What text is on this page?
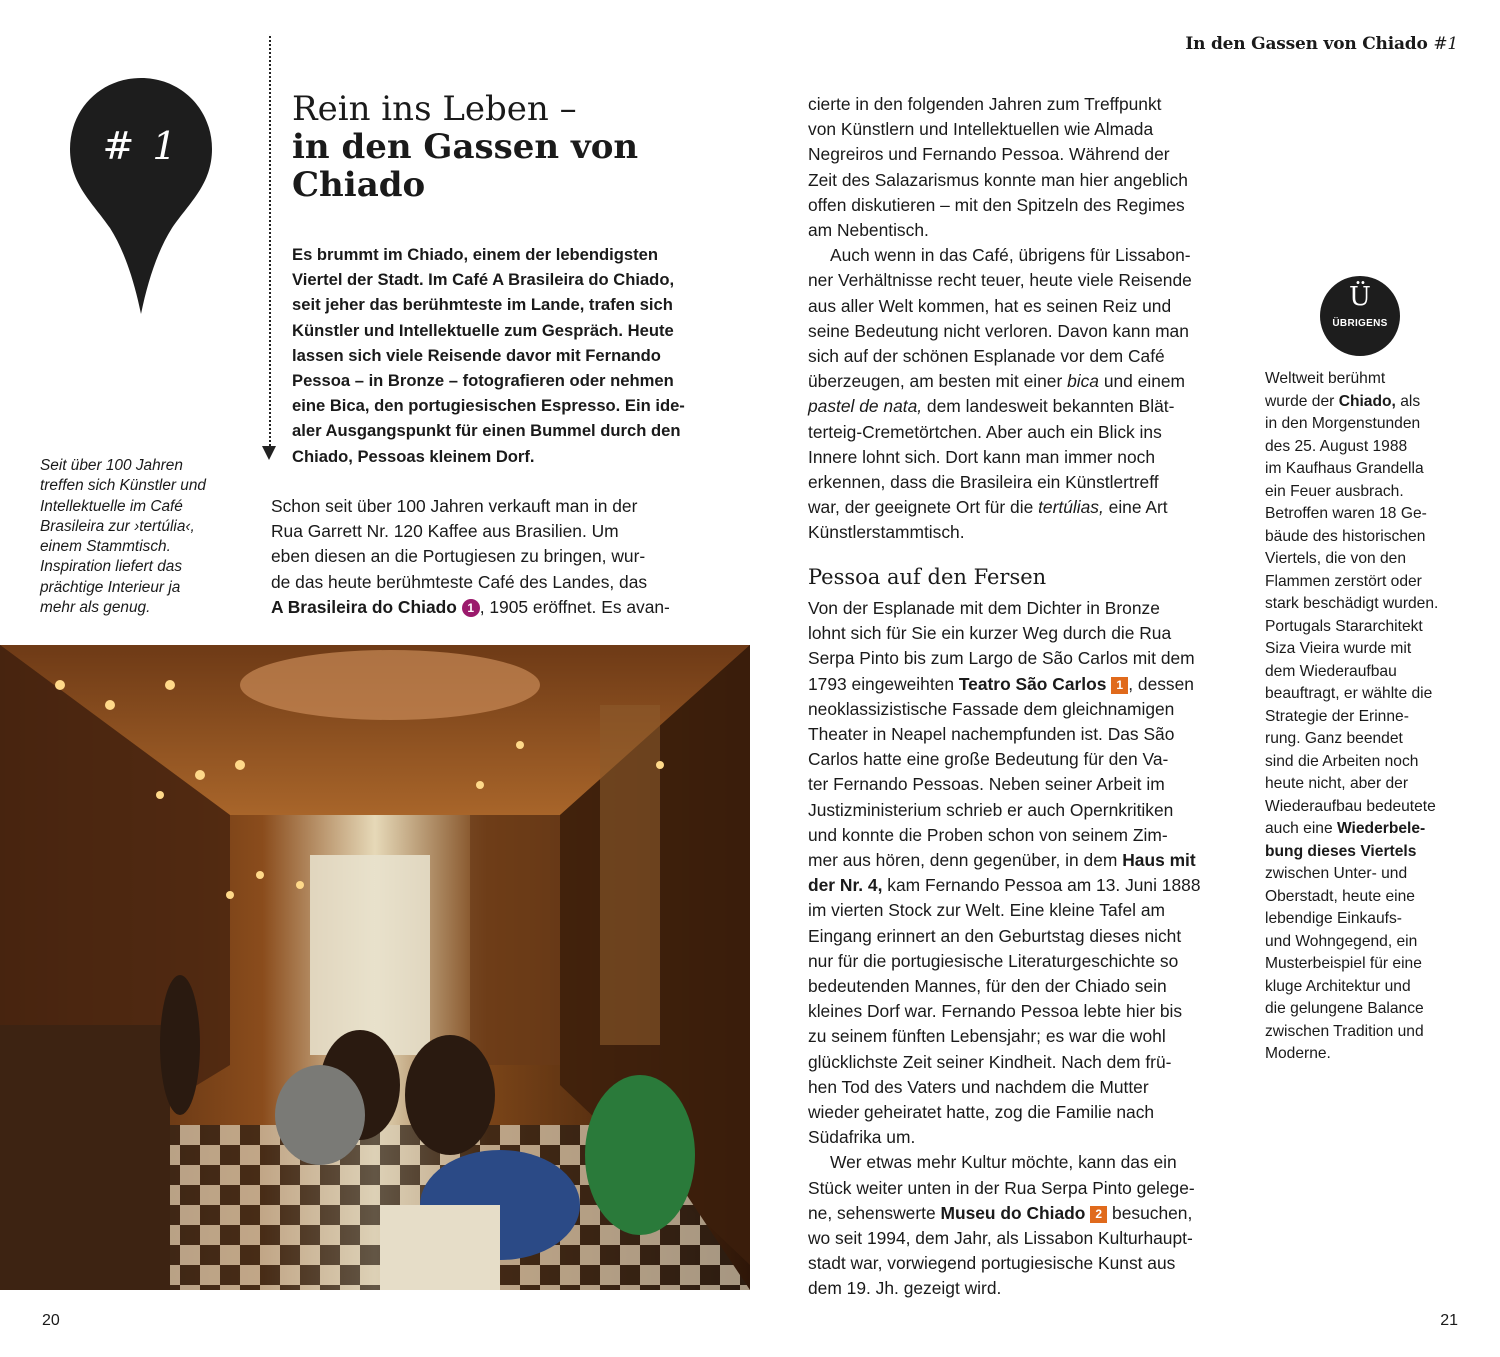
In den Gassen von Chiado #1
# 1
Seit über 100 Jahren
treffen sich Künstler und
Intellektuelle im Café
Brasileira zur ›tertúlia‹,
einem Stammtisch.
Inspiration liefert das
prächtige Interieur ja
mehr als genug.
Rein ins Leben –
in den Gassen von
Chiado
Es brummt im Chiado, einem der lebendigsten
Viertel der Stadt. Im Café A Brasileira do Chiado,
seit jeher das berühmteste im Lande, trafen sich
Künstler und Intellektuelle zum Gespräch. Heute
lassen sich viele Reisende davor mit Fernando
Pessoa – in Bronze – fotografieren oder nehmen
eine Bica, den portugiesischen Espresso. Ein ide-
aler Ausgangspunkt für einen Bummel durch den
Chiado, Pessoas kleinem Dorf.
Schon seit über 100 Jahren verkauft man in der
Rua Garrett Nr. 120 Kaffee aus Brasilien. Um
eben diesen an die Portugiesen zu bringen, wur-
de das heute berühmteste Café des Landes, das
A Brasileira do Chiado 1 , 1905 eröffnet. Es avan-
cierte in den folgenden Jahren zum Treffpunkt
von Künstlern und Intellektuellen wie Almada
Negreiros und Fernando Pessoa. Während der
Zeit des Salazarismus konnte man hier angeblich
offen diskutieren – mit den Spitzeln des Regimes
am Nebentisch.
Auch wenn in das Café, übrigens für Lissabon-
ner Verhältnisse recht teuer, heute viele Reisende
aus aller Welt kommen, hat es seinen Reiz und
seine Bedeutung nicht verloren. Davon kann man
sich auf der schönen Esplanade vor dem Café
überzeugen, am besten mit einer bica und einem
pastel de nata, dem landesweit bekannten Blät-
terteig-Cremetörtchen. Aber auch ein Blick ins
Innere lohnt sich. Dort kann man immer noch
erkennen, dass die Brasileira ein Künstlertreff
war, der geeignete Ort für die tertúlias, eine Art
Künstlerstammtisch.
Pessoa auf den Fersen
Von der Esplanade mit dem Dichter in Bronze
lohnt sich für Sie ein kurzer Weg durch die Rua
Serpa Pinto bis zum Largo de São Carlos mit dem
1793 eingeweihten Teatro São Carlos 1 , dessen
neoklassizistische Fassade dem gleichnamigen
Theater in Neapel nachempfunden ist. Das São
Carlos hatte eine große Bedeutung für den Va-
ter Fernando Pessoas. Neben seiner Arbeit im
Justizministerium schrieb er auch Opernkritiken
und konnte die Proben schon von seinem Zim-
mer aus hören, denn gegenüber, in dem Haus mit
der Nr. 4, kam Fernando Pessoa am 13. Juni 1888
im vierten Stock zur Welt. Eine kleine Tafel am
Eingang erinnert an den Geburtstag dieses nicht
nur für die portugiesische Literaturgeschichte so
bedeutenden Mannes, für den der Chiado sein
kleines Dorf war. Fernando Pessoa lebte hier bis
zu seinem fünften Lebensjahr; es war die wohl
glücklichste Zeit seiner Kindheit. Nach dem frü-
hen Tod des Vaters und nachdem die Mutter
wieder geheiratet hatte, zog die Familie nach
Südafrika um.
Wer etwas mehr Kultur möchte, kann das ein
Stück weiter unten in der Rua Serpa Pinto gelege-
ne, sehenswerte Museu do Chiado 2 besuchen,
wo seit 1994, dem Jahr, als Lissabon Kulturhaupt-
stadt war, vorwiegend portugiesische Kunst aus
dem 19. Jh. gezeigt wird.
Ü
ÜBRIGENS
Weltweit berühmt
wurde der Chiado, als
in den Morgenstunden
des 25. August 1988
im Kaufhaus Grandella
ein Feuer ausbrach.
Betroffen waren 18 Ge-
bäude des historischen
Viertels, die von den
Flammen zerstört oder
stark beschädigt wurden.
Portugals Stararchitekt
Siza Vieira wurde mit
dem Wiederaufbau
beauftragt, er wählte die
Strategie der Erinne-
rung. Ganz beendet
sind die Arbeiten noch
heute nicht, aber der
Wiederaufbau bedeutete
auch eine Wiederbele-
bung dieses Viertels
zwischen Unter- und
Oberstadt, heute eine
lebendige Einkaufs-
und Wohngegend, ein
Musterbeispiel für eine
kluge Architektur und
die gelungene Balance
zwischen Tradition und
Moderne.
20	21
